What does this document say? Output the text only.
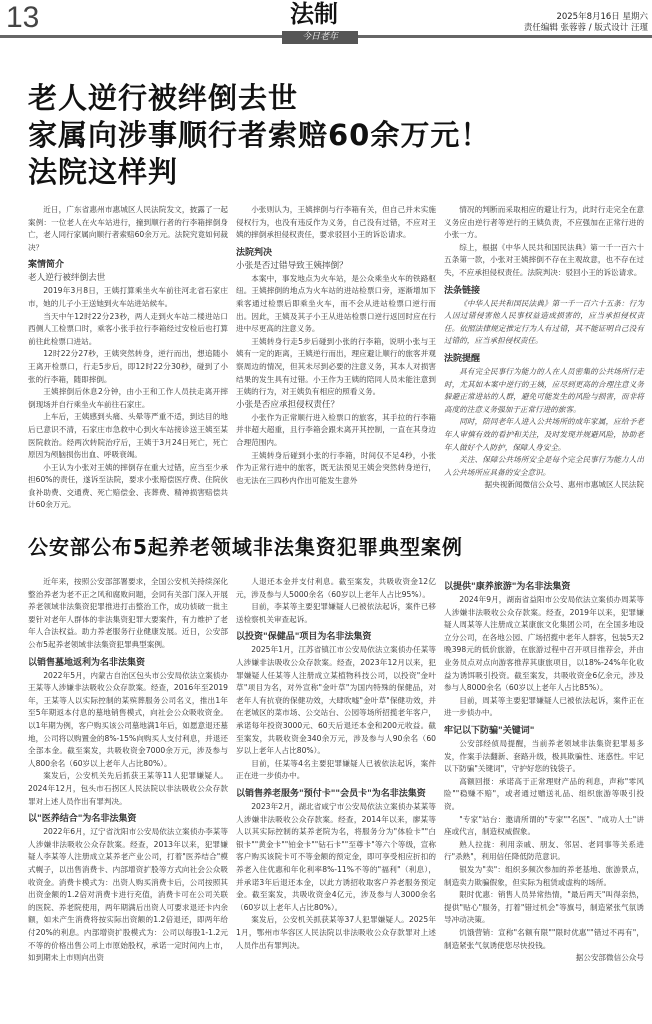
13	法制
今日老年
2025年8月16日 星期六
责任编辑 张蓉蓉 / 版式设计 汪瑾
老人逆行被绊倒去世
家属向涉事顺行者索赔60余万元！
法院这样判

近日，广东省惠州市惠城区人民法院发文，披露了一起案例：一位老人在火车站进行，撞到顺行者的行李箱摔倒身亡，老人同行家属向顺行者索赔60余万元。法院究竟如何裁决？

案情简介
老人逆行被绊倒去世

2019年3月8日，王姨打算乘坐火车前往河北省石家庄市，她的儿子小王送她到火车站进站候车。

当天中午12时22分23秒，两人走到火车站二楼进站口西侧人工检票口时，乘客小张手拉行李箱经过安检后也打算前往此检票口进站。

12时22分27秒，王姨突然转身，逆行而出，想追随小王离开检票口，行走5步后，即12时22分30秒，碰到了小张的行李箱，随即摔倒。

王姨摔倒后休息2分钟，由小王和工作人员扶走离开摔倒现场并自行乘坐火车前往石家庄。

上车后，王姨感到头痛、头晕等严重不适，到达目的地后已意识不清，石家庄市急救中心到火车站接诊送王姨至某医院救治。经两次转院治疗后，王姨于3月24日死亡，死亡原因为颅脑损伤出血、呼吸衰竭。

小王认为小张对王姨的摔倒存在重大过错，应当至少承担60%的责任，遂诉至法院，要求小张赔偿医疗费、住院伙食补助费、交通费、死亡赔偿金、丧葬费、精神损害赔偿共计60余万元。

小张则认为，王姨摔倒与行李箱有关，但自己并未实施侵权行为，也没有违反作为义务，自己没有过错，不应对王姨的摔倒承担侵权责任，要求驳回小王的诉讼请求。

法院判决
小张是否过错导致王姨摔倒？

本案中，事发地点为火车站，是公众乘坐火车的铁路枢纽。王姨摔倒的地点为火车站的进站检票口旁，逐渐增加下乘客通过检票后即乘坐火车，而不会从进站检票口逆行而出。因此，王姨及其子小王从进站检票口逆行返回时应在行进中尽更高的注意义务。

王姨转身行走5步后碰到小张的行李箱，说明小张与王姨有一定的距离，王姨逆行而出，理应避让顺行的旅客并观察周边的情况，但其未尽到必要的注意义务，其本人对损害结果的发生具有过错。小王作为王姨的陪同人员未能注意到王姨的行为，对王姨负有相应的照看义务。

小张是否应承担侵权责任？

小张作为正常顺行进入检票口的旅客，其手拉的行李箱并非超大超重，且行李箱会跟未离开其控制，一直在其身边合理范围内。

王姨转身后碰到小张的行李箱，时间仅不足4秒，小张作为正常行进中的旅客，既无法预见王姨会突然转身逆行，也无法在三四秒内作出可能发生意外

情况的判断而采取相应的避让行为，此时行走完全在意义务应由逆行者等逆行的王姨负责，不应强加在正常行进的小张一方。

综上，根据《中华人民共和国民法典》第一千一百六十五条第一款，小张对王姨摔倒不存在主观故意，也不存在过失，不应承担侵权责任。法院判决：驳回小王的诉讼请求。

法条链接

《中华人民共和国民法典》第一千一百六十五条：行为人因过错侵害他人民事权益造成损害的，应当承担侵权责任。依照法律规定推定行为人有过错，其不能证明自己没有过错的，应当承担侵权责任。

法院提醒

具有完全民事行为能力的人在人员密集的公共场所行走时，尤其如本案中逆行的王姨，应尽到更高的合理注意义务躲避正常进站的人群，避免可能发生的风险与损害，而非将高度的注意义务强加于正常行进的旅客。

同时，陪同老年人进入公共场所的成年家属，应给予老年人审慎有效的看护和关注，及时发现并规避风险，协助老年人做好个人防护，保障人身安全。

关注、保障公共场所安全是每个完全民事行为能力人出入公共场所应具备的安全意识。

据央视新闻微信公众号、惠州市惠城区人民法院

公安部公布5起养老领域非法集资犯罪典型案例

近年来，按照公安部部署要求，全国公安机关持续深化整治养老为老不正之风和腐败问题，会同有关部门深入开展养老领域非法集资犯罪推进打击整治工作，成功侦破一批主要针对老年人群体的非法集资犯罪大要案件，有力维护了老年人合法权益。助力养老服务行业健康发展。近日，公安部公布5起养老领域非法集资犯罪典型案例。

以销售墓地返利为名非法集资

2022年5月，内蒙古自治区包头市公安局依法立案侦办王某等人涉嫌非法吸收公众存款案。经查，2016年至2019年，王某等人以实际控制的某殡葬服务公司名义，推出1年至5年期返本付息的墓地销售模式，向社会公众吸收资金。以1年期为例，客户购买该公司墓地满1年后，如愿意退还墓地，公司将以购置金的8%-15%向购买人支付利息，并退还全部本金。截至案发，共吸收资金7000余万元，涉及参与人800余名（60岁以上老年人占比80%）。

案发后，公安机关先后抓获王某等11人犯罪嫌疑人。2024年12月，包头市石拐区人民法院以非法吸收公众存款罪对上述人员作出有罪判决。

以"医养结合"为名非法集资

2022年6月，辽宁省沈阳市公安局依法立案侦办李某等人涉嫌非法吸收公众存款案。经查，2013年以来，犯罪嫌疑人李某等人注册成立某养老产业公司，打着"医养结合"模式幌子，以出售消费卡、内部增资扩股等方式向社会公众吸收资金。消费卡模式为：出资人购买消费卡后，公司按照其出资金额的1.2倍对消费卡进行充值，消费卡可在公司关联的医院、养老院使用，两年期满后出资人可要求退还卡内余额，如未产生消费将按实际出资额的1.2倍退还，即两年给付20%的利息。内部增资扩股模式为：公司以每股1-1.2元不等的价格出售公司上市原始股权，承诺一定时间内上市，如到期未上市则向出资

人退还本金并支付利息。截至案发，共吸收资金12亿元，涉及参与人5000余名（60岁以上老年人占比95%）。

目前，李某等主要犯罪嫌疑人已被依法起诉，案件已移送检察机关审查起诉。

以投资"保健品"项目为名非法集资

2025年1月，江苏省镇江市公安局依法立案侦办任某等人涉嫌非法吸收公众存款案。经查，2023年12月以来，犯罪嫌疑人任某等人注册成立某植物科技公司，以投资"金叶草"项目为名，对外宣称"金叶草"为国内特殊的保健品，对老年人有抗衰的保健功效，大肆吹嘘"金叶草"保健功效，并在老城区的菜市场、公交站台、公园等场所招揽老年客户，承诺每年投资3000元、60天后退还本金和200元收益。截至案发，共吸收资金340余万元，涉及参与人90余名（60岁以上老年人占比80%）。

目前，任某等4名主要犯罪嫌疑人已被依法起诉，案件正在进一步侦办中。

以销售养老服务"预付卡""会员卡"为名非法集资

2023年2月，湖北省咸宁市公安局依法立案侦办某某等人涉嫌非法吸收公众存款案。经查，2014年以来，廖某等人以其实际控制的某养老院为名，将服务分为"体验卡""白银卡""黄金卡""铂金卡""钻石卡""至尊卡"等六个等级，宣称客户购买该院卡可不等金额的预定金，即可享受相应折扣的养老入住优惠和年化利率8%-11%不等的"福利"（利息），并承诺3年后退还本金，以此方诱招收取客户养老服务预定金。截至案发，共吸收资金4亿元，涉及参与人3000余名（60岁以上老年人占比80%）。

案发后，公安机关抓获某等37人犯罪嫌疑人。2025年1月，鄂州市华容区人民法院以非法吸收公众存款罪对上述人员作出有罪判决。

以提供"康养旅游"为名非法集资

2024年9月，湖南省益阳市公安局依法立案侦办周某等人涉嫌非法吸收公众存款案。经查，2019年以来，犯罪嫌疑人周某等人注册成立某康旅文化集团公司，在全国多地设立分公司，在各地公园、广场招揽中老年人群客，包装5天2晚398元的低价旅游，在旅游过程中召开项目推荐会，并由业务员点对点向游客推荐其康旅项目，以18%-24%年化收益为诱饵吸引投资。截至案发，共吸收资金6亿余元，涉及参与人8000余名（60岁以上老年人占比85%）。

目前，周某等主要犯罪嫌疑人已被依法起诉，案件正在进一步侦办中。

牢记以下防骗"关键词"

公安部经侦局提醒，当前养老领域非法集资犯罪易多发，作案手法翻新、套路升级，极具欺骗性、迷惑性。牢记以下防骗"关键词"，守护好您的钱袋子。

高额回报：承诺高于正常理财产品的利息，声称"零风险""稳赚不赔"，或者通过赠送礼品、组织旅游等吸引投资。

"专家"站台：邀请所谓的"专家""名医"、"成功人士"讲座或代言，制造权威假象。

熟人拉拢：利用亲戚、朋友、邻居、老同事等关系进行"杀熟"，利用信任降低防范意识。

银发为"卖"：组织多频次参加的养老基地、旅游景点，制造卖力欺骗假象，但实际为租赁或虚构的场所。

限时优惠：销售人员异常热情，"最后两天"叫得亲热，提供"贴心"服务，打着"错过机会"等旗号，制造紧张气氛诱导冲动决策。

饥饿营销：宣称"名额有限""限时优惠""错过不再有"，制造紧张气氛诱使您尽快投钱。

据公安部微信公众号
